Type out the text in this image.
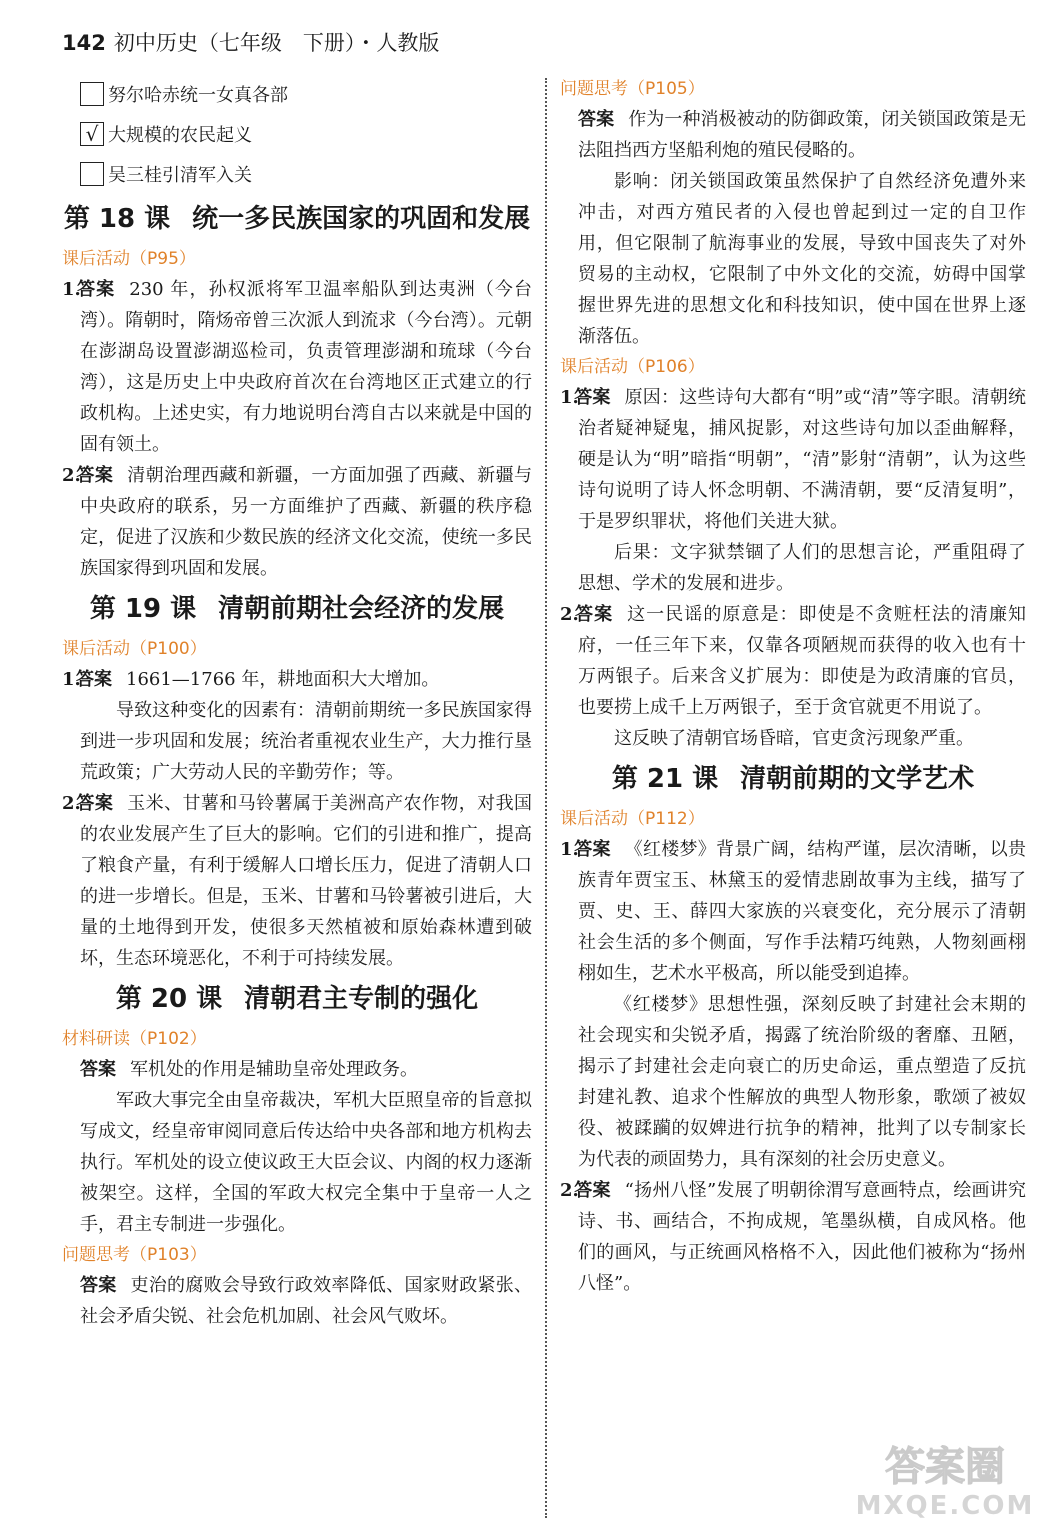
142 初中历史（七年级　下册）・人教版
努尔哈赤统一女真各部
√ 大规模的农民起义
吴三桂引清军入关
第 18 课 统一多民族国家的巩固和发展
课后活动（P95）

1.答案 230 年，孙权派将军卫温率船队到达夷洲（今台湾）。隋朝时，隋炀帝曾三次派人到流求（今台湾）。元朝在澎湖岛设置澎湖巡检司，负责管理澎湖和琉球（今台湾），这是历史上中央政府首次在台湾地区正式建立的行政机构。上述史实，有力地说明台湾自古以来就是中国的固有领土。

2.答案 清朝治理西藏和新疆，一方面加强了西藏、新疆与中央政府的联系，另一方面维护了西藏、新疆的秩序稳定，促进了汉族和少数民族的经济文化交流，使统一多民族国家得到巩固和发展。

第 19 课 清朝前期社会经济的发展
课后活动（P100）

1.答案 1661—1766 年，耕地面积大大增加。

导致这种变化的因素有：清朝前期统一多民族国家得到进一步巩固和发展；统治者重视农业生产，大力推行垦荒政策；广大劳动人民的辛勤劳作；等。

2.答案 玉米、甘薯和马铃薯属于美洲高产农作物，对我国的农业发展产生了巨大的影响。它们的引进和推广，提高了粮食产量，有利于缓解人口增长压力，促进了清朝人口的进一步增长。但是，玉米、甘薯和马铃薯被引进后，大量的土地得到开发，使很多天然植被和原始森林遭到破坏，生态环境恶化，不利于可持续发展。

第 20 课 清朝君主专制的强化
材料研读（P102）

答案 军机处的作用是辅助皇帝处理政务。

军政大事完全由皇帝裁决，军机大臣照皇帝的旨意拟写成文，经皇帝审阅同意后传达给中央各部和地方机构去执行。军机处的设立使议政王大臣会议、内阁的权力逐渐被架空。这样，全国的军政大权完全集中于皇帝一人之手，君主专制进一步强化。

问题思考（P103）

答案 吏治的腐败会导致行政效率降低、国家财政紧张、社会矛盾尖锐、社会危机加剧、社会风气败坏。

问题思考（P105）

答案 作为一种消极被动的防御政策，闭关锁国政策是无法阻挡西方坚船利炮的殖民侵略的。

影响：闭关锁国政策虽然保护了自然经济免遭外来冲击，对西方殖民者的入侵也曾起到过一定的自卫作用，但它限制了航海事业的发展，导致中国丧失了对外贸易的主动权，它限制了中外文化的交流，妨碍中国掌握世界先进的思想文化和科技知识，使中国在世界上逐渐落伍。

课后活动（P106）

1.答案 原因：这些诗句大都有“明”或“清”等字眼。清朝统治者疑神疑鬼，捕风捉影，对这些诗句加以歪曲解释，硬是认为“明”暗指“明朝”，“清”影射“清朝”，认为这些诗句说明了诗人怀念明朝、不满清朝，要“反清复明”，于是罗织罪状，将他们关进大狱。

后果：文字狱禁锢了人们的思想言论，严重阻碍了思想、学术的发展和进步。

2.答案 这一民谣的原意是：即使是不贪赃枉法的清廉知府，一任三年下来，仅靠各项陋规而获得的收入也有十万两银子。后来含义扩展为：即使是为政清廉的官员，也要捞上成千上万两银子，至于贪官就更不用说了。

这反映了清朝官场昏暗，官吏贪污现象严重。

第 21 课 清朝前期的文学艺术
课后活动（P112）

1.答案 《红楼梦》背景广阔，结构严谨，层次清晰，以贵族青年贾宝玉、林黛玉的爱情悲剧故事为主线，描写了贾、史、王、薛四大家族的兴衰变化，充分展示了清朝社会生活的多个侧面，写作手法精巧纯熟，人物刻画栩栩如生，艺术水平极高，所以能受到追捧。

《红楼梦》思想性强，深刻反映了封建社会末期的社会现实和尖锐矛盾，揭露了统治阶级的奢靡、丑陋，揭示了封建社会走向衰亡的历史命运，重点塑造了反抗封建礼教、追求个性解放的典型人物形象，歌颂了被奴役、被蹂躏的奴婢进行抗争的精神，批判了以专制家长为代表的顽固势力，具有深刻的社会历史意义。

2.答案 “扬州八怪”发展了明朝徐渭写意画特点，绘画讲究诗、书、画结合，不拘成规，笔墨纵横，自成风格。他们的画风，与正统画风格格不入，因此他们被称为“扬州八怪”。

答案圈
MXQE.COM
